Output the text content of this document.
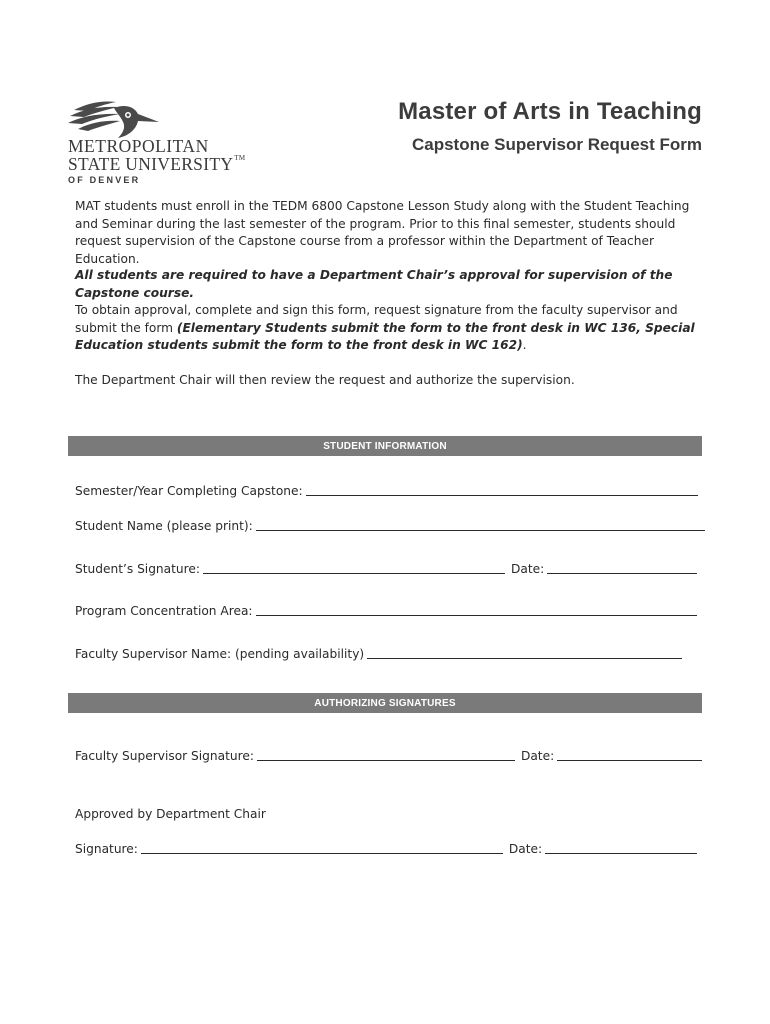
METROPOLITAN
STATE UNIVERSITY™
OF DENVER
Master of Arts in Teaching
Capstone Supervisor Request Form
MAT students must enroll in the TEDM 6800 Capstone Lesson Study along with the Student Teaching and Seminar during the last semester of the program. Prior to this final semester, students should request supervision of the Capstone course from a professor within the Department of Teacher Education.
All students are required to have a Department Chair’s approval for supervision of the Capstone course.
To obtain approval, complete and sign this form, request signature from the faculty supervisor and submit the form (Elementary Students submit the form to the front desk in WC 136, Special Education students submit the form to the front desk in WC 162).
The Department Chair will then review the request and authorize the supervision.
STUDENT INFORMATION
Semester/Year Completing Capstone:
Student Name (please print):
Student’s Signature:	Date:
Program Concentration Area:
Faculty Supervisor Name: (pending availability)
AUTHORIZING SIGNATURES
Faculty Supervisor Signature:	Date:
Approved by Department Chair
Signature:	Date:
